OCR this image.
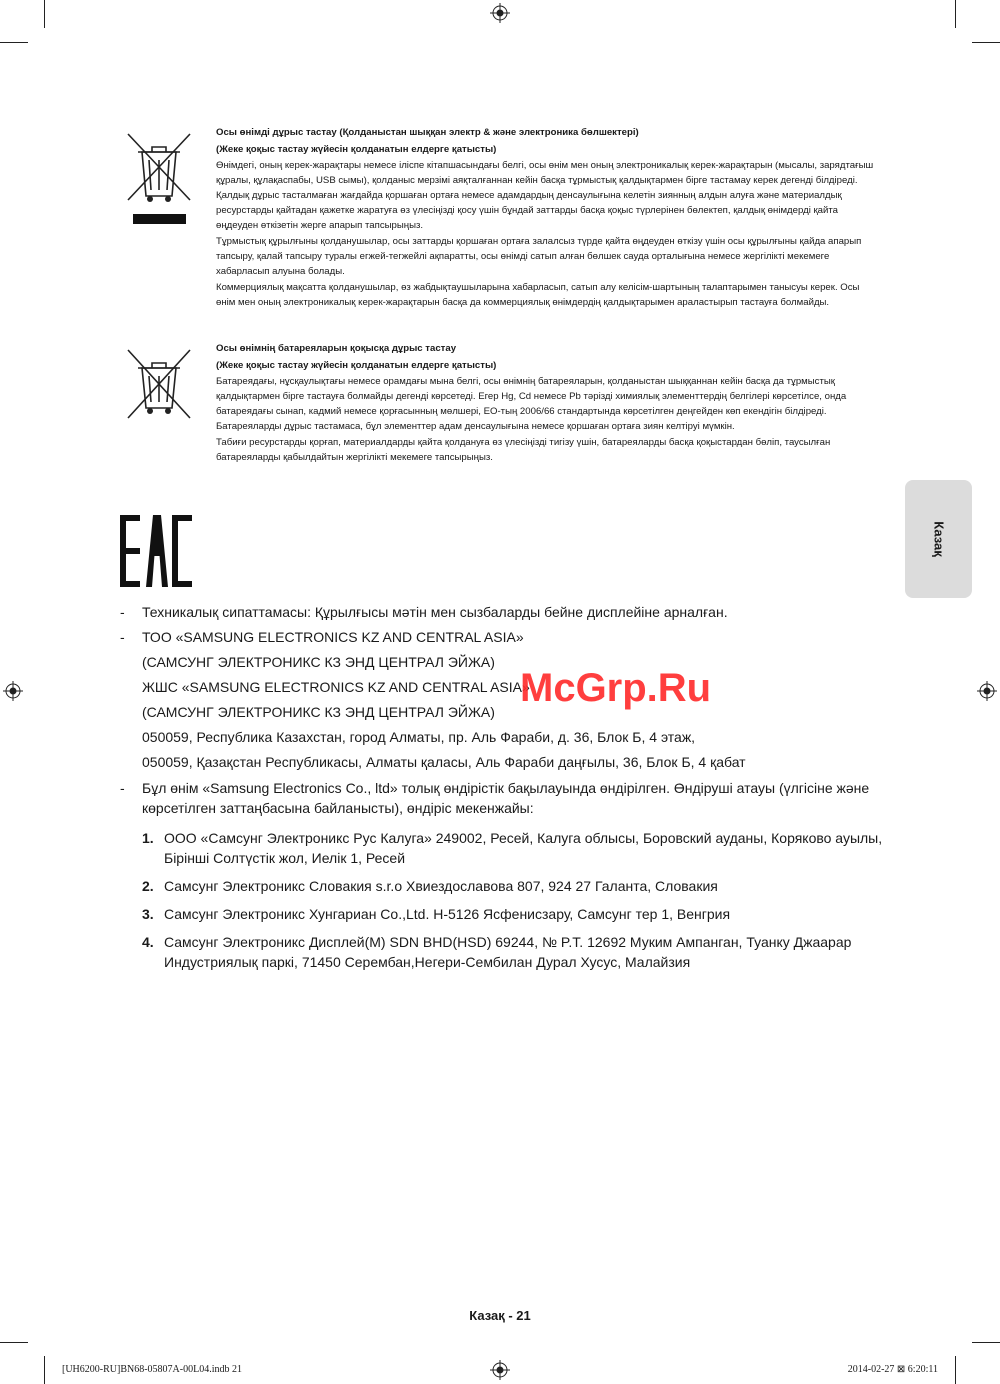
Осы өнімді дұрыс тастау (Қолданыстан шыққан электр & және электроника бөлшектері)
(Жеке қоқыс тастау жүйесін қолданатын елдерге қатысты)

Өнімдегі, оның керек-жарақтары немесе іліспе кітапшасындағы белгі, осы өнім мен оның электроникалық керек-жарақтарын (мысалы, зарядтағыш құралы, құлақаспабы, USB сымы), қолданыс мерзімі аяқталғаннан кейін басқа тұрмыстық қалдықтармен бірге тастамау керек дегенді білдіреді. Қалдық дұрыс тасталмаған жағдайда қоршаған ортаға немесе адамдардың денсаулығына келетін зиянның алдын алуға және материалдық ресурстарды қайтадан қажетке жаратуға өз үлесіңізді қосу үшін бұндай заттарды басқа қоқыс түрлерінен бөлектеп, қалдық өнімдерді қайта өңдеуден өткізетін жерге апарып тапсырыңыз.

Тұрмыстық құрылғыны қолданушылар, осы заттарды қоршаған ортаға залалсыз түрде қайта өңдеуден өткізу үшін осы құрылғыны қайда апарып тапсыру, қалай тапсыру туралы егжей-тегжейлі ақпаратты, осы өнімді сатып алған бөлшек сауда орталығына немесе жергілікті мекемеге хабарласып алуына болады.

Коммерциялық мақсатта қолданушылар, өз жабдықтаушыларына хабарласып, сатып алу келісім-шартының талаптарымен танысуы керек. Осы өнім мен оның электроникалық керек-жарақтарын басқа да коммерциялық өнімдердің қалдықтарымен араластырып тастауға болмайды.

Осы өнімнің батареяларын қоқысқа дұрыс тастау
(Жеке қоқыс тастау жүйесін қолданатын елдерге қатысты)

Батареядағы, нұсқаулықтағы немесе орамдағы мына белгі, осы өнімнің батареяларын, қолданыстан шыққаннан кейін басқа да тұрмыстық қалдықтармен бірге тастауға болмайды дегенді көрсетеді. Егер Hg, Cd немесе Pb тәрізді химиялық элементтердің белгілері көрсетілсе, онда батареядағы сынап, кадмий немесе қорғасынның мөлшері, ЕО-тың 2006/66 стандартында көрсетілген деңгейден көп екендігін білдіреді. Батареяларды дұрыс тастамаса, бұл элементтер адам денсаулығына немесе қоршаған ортаға зиян келтіруі мүмкін.

Табиғи ресурстарды қорғап, материалдарды қайта қолдануға өз үлесіңізді тигізу үшін, батареяларды басқа қоқыстардан бөліп, таусылған батареяларды қабылдайтын жергілікті мекемеге тапсырыңыз.

- Техникалық сипаттамасы: Құрылғысы мәтін мен сызбаларды бейне дисплейіне арналған.
- ТОО «SAMSUNG ELECTRONICS KZ AND CENTRAL ASIA»
(САМСУНГ ЭЛЕКТРОНИКС КЗ ЭНД ЦЕНТРАЛ ЭЙЖА)
ЖШС «SAMSUNG ELECTRONICS KZ AND CENTRAL ASIA»
(САМСУНГ ЭЛЕКТРОНИКС КЗ ЭНД ЦЕНТРАЛ ЭЙЖА)
050059, Республика Казахстан, город Алматы, пр. Аль Фараби, д. 36, Блок Б, 4 этаж,
050059, Қазақстан Республикасы, Алматы қаласы, Аль Фараби даңғылы, 36, Блок Б, 4 қабат
- Бұл өнім «Samsung Electronics Co., ltd» толық өндірістік бақылауында өндірілген. Өндіруші атауы (үлгісіне және көрсетілген заттаңбасына байланысты), өндіріс мекенжайы:
1. ООО «Самсунг Электроникс Рус Калуга» 249002, Ресей, Калуга облысы, Боровский ауданы, Коряково ауылы, Бірінші Солтүстік жол, Иелік 1, Ресей
2. Самсунг Электроникс Словакия s.r.o Хвиездославова 807, 924 27 Галанта, Словакия
3. Самсунг Электроникс Хунгариан Co.,Ltd. H-5126 Ясфенисзару, Самсунг тер 1, Венгрия
4. Самсунг Электроникс Дисплей(M) SDN BHD(HSD) 69244, № P.T. 12692 Муким Ампанган, Туанку Джаарар Индустриялық паркі, 71450 Серембан,Негери-Сембилан Дурал Хусус, Малайзия
McGrp.Ru
Казақ
Казақ - 21
[UH6200-RU]BN68-05807A-00L04.indb 21	2014-02-27 ⊠ 6:20:11
